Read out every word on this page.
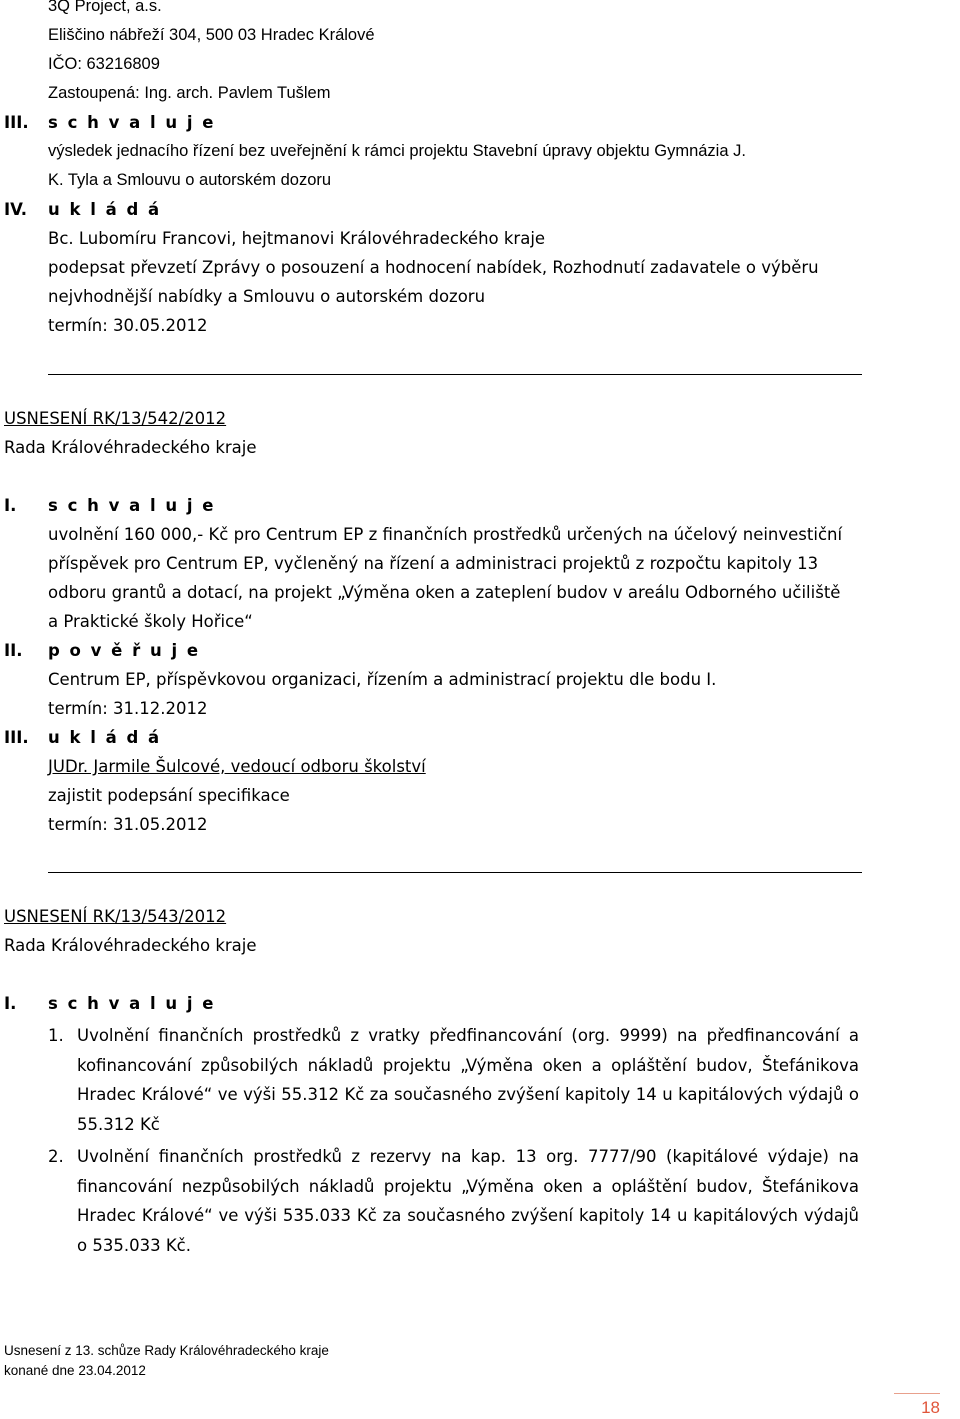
3Q Project, a.s.
Eliščino nábřeží 304, 500 03 Hradec Králové
IČO: 63216809
Zastoupená: Ing. arch. Pavlem Tušlem
III. s c h v a l u j e
výsledek jednacího řízení bez uveřejnění k rámci projektu Stavební úpravy objektu Gymnázia J.
K. Tyla a Smlouvu o autorském dozoru
IV. u k l á d á
Bc. Lubomíru Francovi, hejtmanovi Královéhradeckého kraje
podepsat převzetí Zprávy o posouzení a hodnocení nabídek, Rozhodnutí zadavatele o výběru
nejvhodnější nabídky a Smlouvu o autorském dozoru
termín: 30.05.2012
USNESENÍ RK/13/542/2012
Rada Královéhradeckého kraje
I. s c h v a l u j e
uvolnění 160 000,- Kč pro Centrum EP z finančních prostředků určených na účelový neinvestiční
příspěvek pro Centrum EP, vyčleněný na řízení a administraci projektů z rozpočtu kapitoly 13
odboru grantů a dotací, na projekt „Výměna oken a zateplení budov v areálu Odborného učiliště
a Praktické školy Hořice“
II. p o v ě ř u j e
Centrum EP, příspěvkovou organizaci, řízením a administrací projektu dle bodu I.
termín: 31.12.2012
III. u k l á d á
JUDr. Jarmile Šulcové, vedoucí odboru školství
zajistit podepsání specifikace
termín: 31.05.2012
USNESENÍ RK/13/543/2012
Rada Královéhradeckého kraje
I. s c h v a l u j e
1. Uvolnění finančních prostředků z vratky předfinancování (org. 9999) na předfinancování a kofinancování způsobilých nákladů projektu „Výměna oken a opláštění budov, Štefánikova Hradec Králové“ ve výši 55.312 Kč za současného zvýšení kapitoly 14 u kapitálových výdajů o 55.312 Kč
2. Uvolnění finančních prostředků z rezervy na kap. 13 org. 7777/90 (kapitálové výdaje) na financování nezpůsobilých nákladů projektu „Výměna oken a opláštění budov, Štefánikova Hradec Králové“ ve výši 535.033 Kč za současného zvýšení kapitoly 14 u kapitálových výdajů o 535.033 Kč.
Usnesení z 13. schůze Rady Královéhradeckého kraje
konané dne 23.04.2012
18
